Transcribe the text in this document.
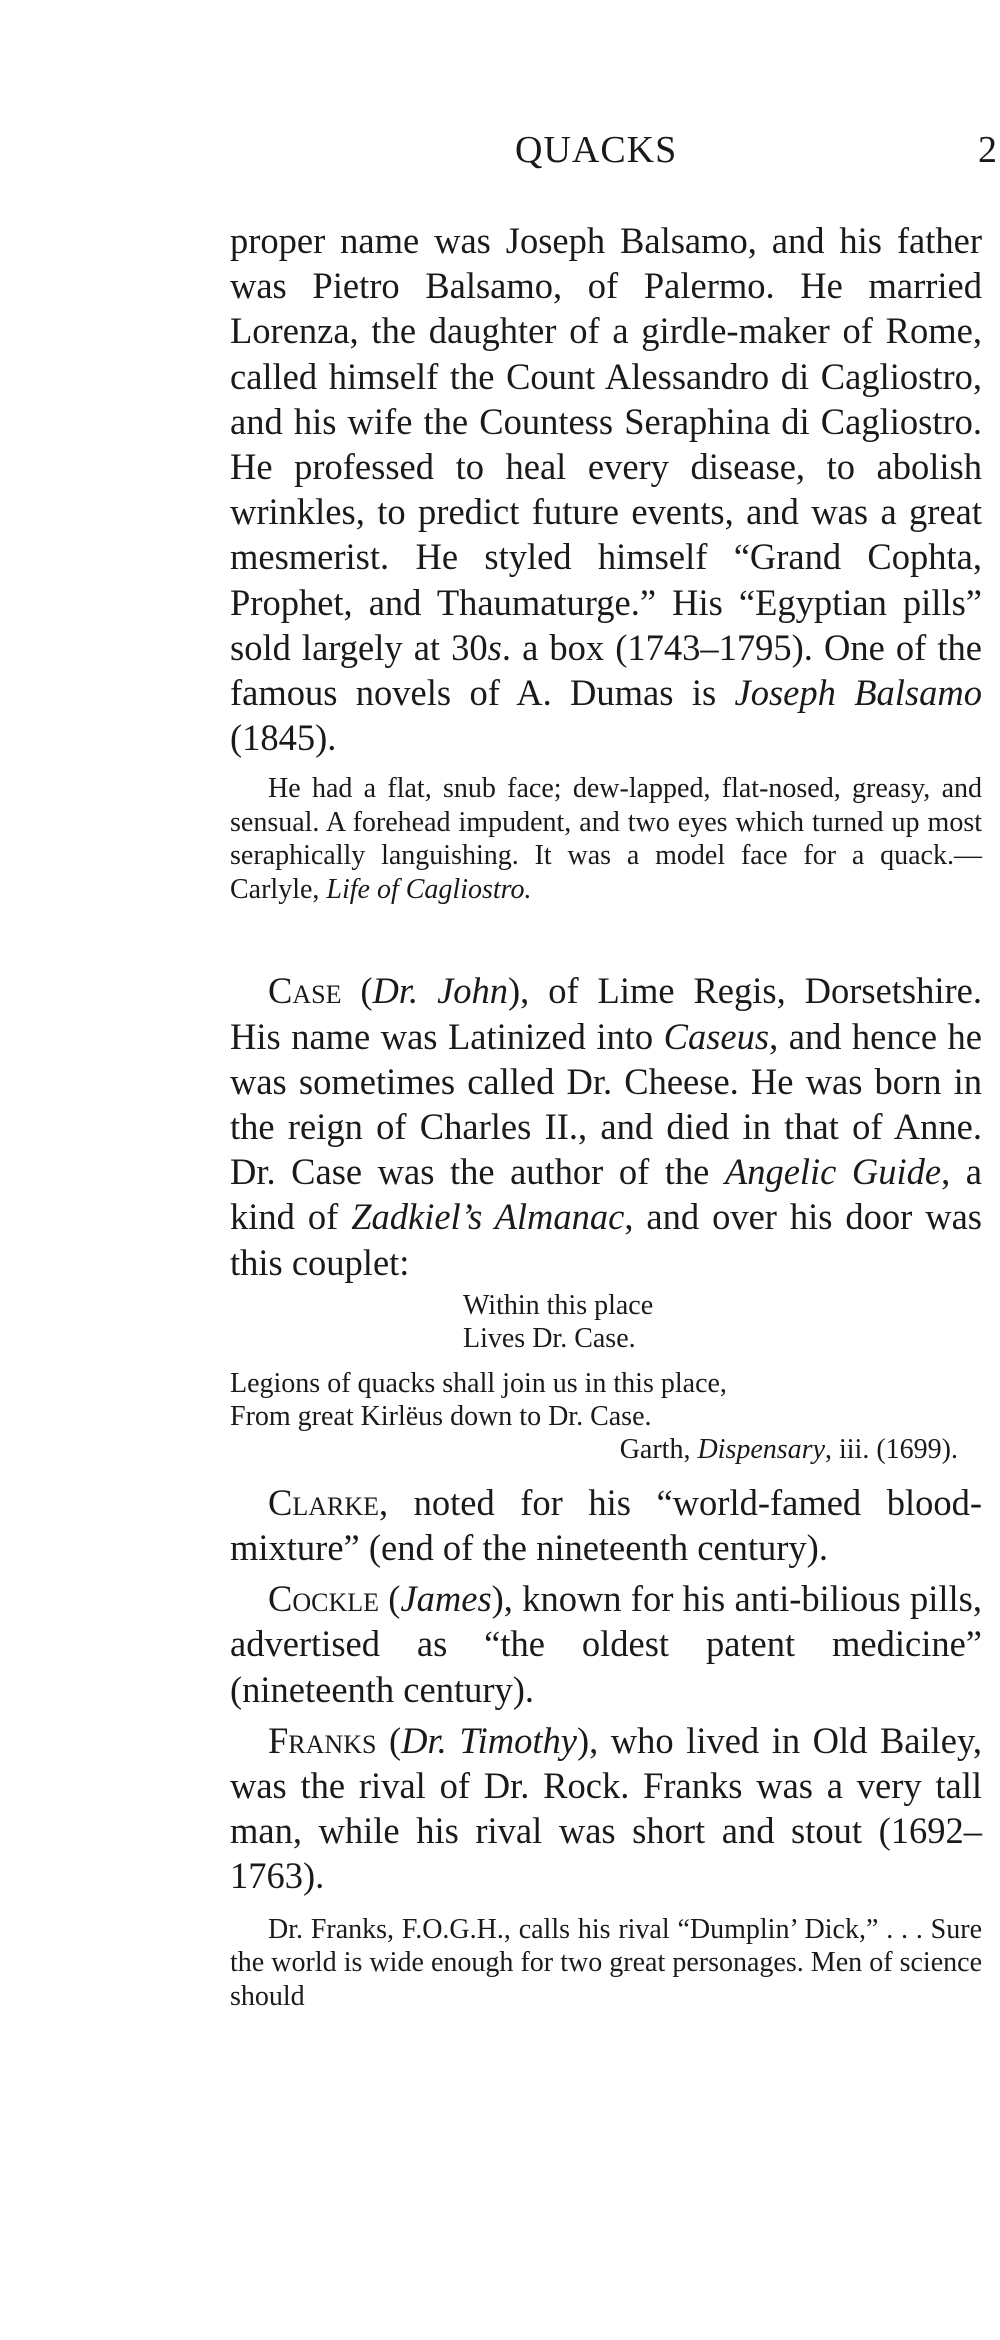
QUACKS	2

proper name was Joseph Balsamo, and his father was Pietro Balsamo, of Palermo. He married Lorenza, the daughter of a girdle-maker of Rome, called himself the Count Alessandro di Cagliostro, and his wife the Countess Seraphina di Cagliostro. He professed to heal every disease, to abolish wrinkles, to predict future events, and was a great mesmerist. He styled himself “Grand Cophta, Prophet, and Thaumaturge.” His “Egyptian pills” sold largely at 30s. a box (1743–1795). One of the famous novels of A. Dumas is Joseph Balsamo (1845).

He had a flat, snub face; dew-lapped, flat-nosed, greasy, and sensual. A forehead impudent, and two eyes which turned up most seraphically languishing. It was a model face for a quack.—Carlyle, Life of Cagliostro.

Case (Dr. John), of Lime Regis, Dorsetshire. His name was Latinized into Caseus, and hence he was sometimes called Dr. Cheese. He was born in the reign of Charles II., and died in that of Anne. Dr. Case was the author of the Angelic Guide, a kind of Zadkiel’s Almanac, and over his door was this couplet:

Within this place
Lives Dr. Case.
Legions of quacks shall join us in this place,
From great Kirlëus down to Dr. Case.
Garth, Dispensary, iii. (1699).

Clarke, noted for his “world-famed blood-mixture” (end of the nineteenth century).

Cockle (James), known for his anti-bilious pills, advertised as “the oldest patent medicine” (nineteenth century).

Franks (Dr. Timothy), who lived in Old Bailey, was the rival of Dr. Rock. Franks was a very tall man, while his rival was short and stout (1692–1763).

Dr. Franks, F.O.G.H., calls his rival “Dumplin’ Dick,” . . . Sure the world is wide enough for two great personages. Men of science should
